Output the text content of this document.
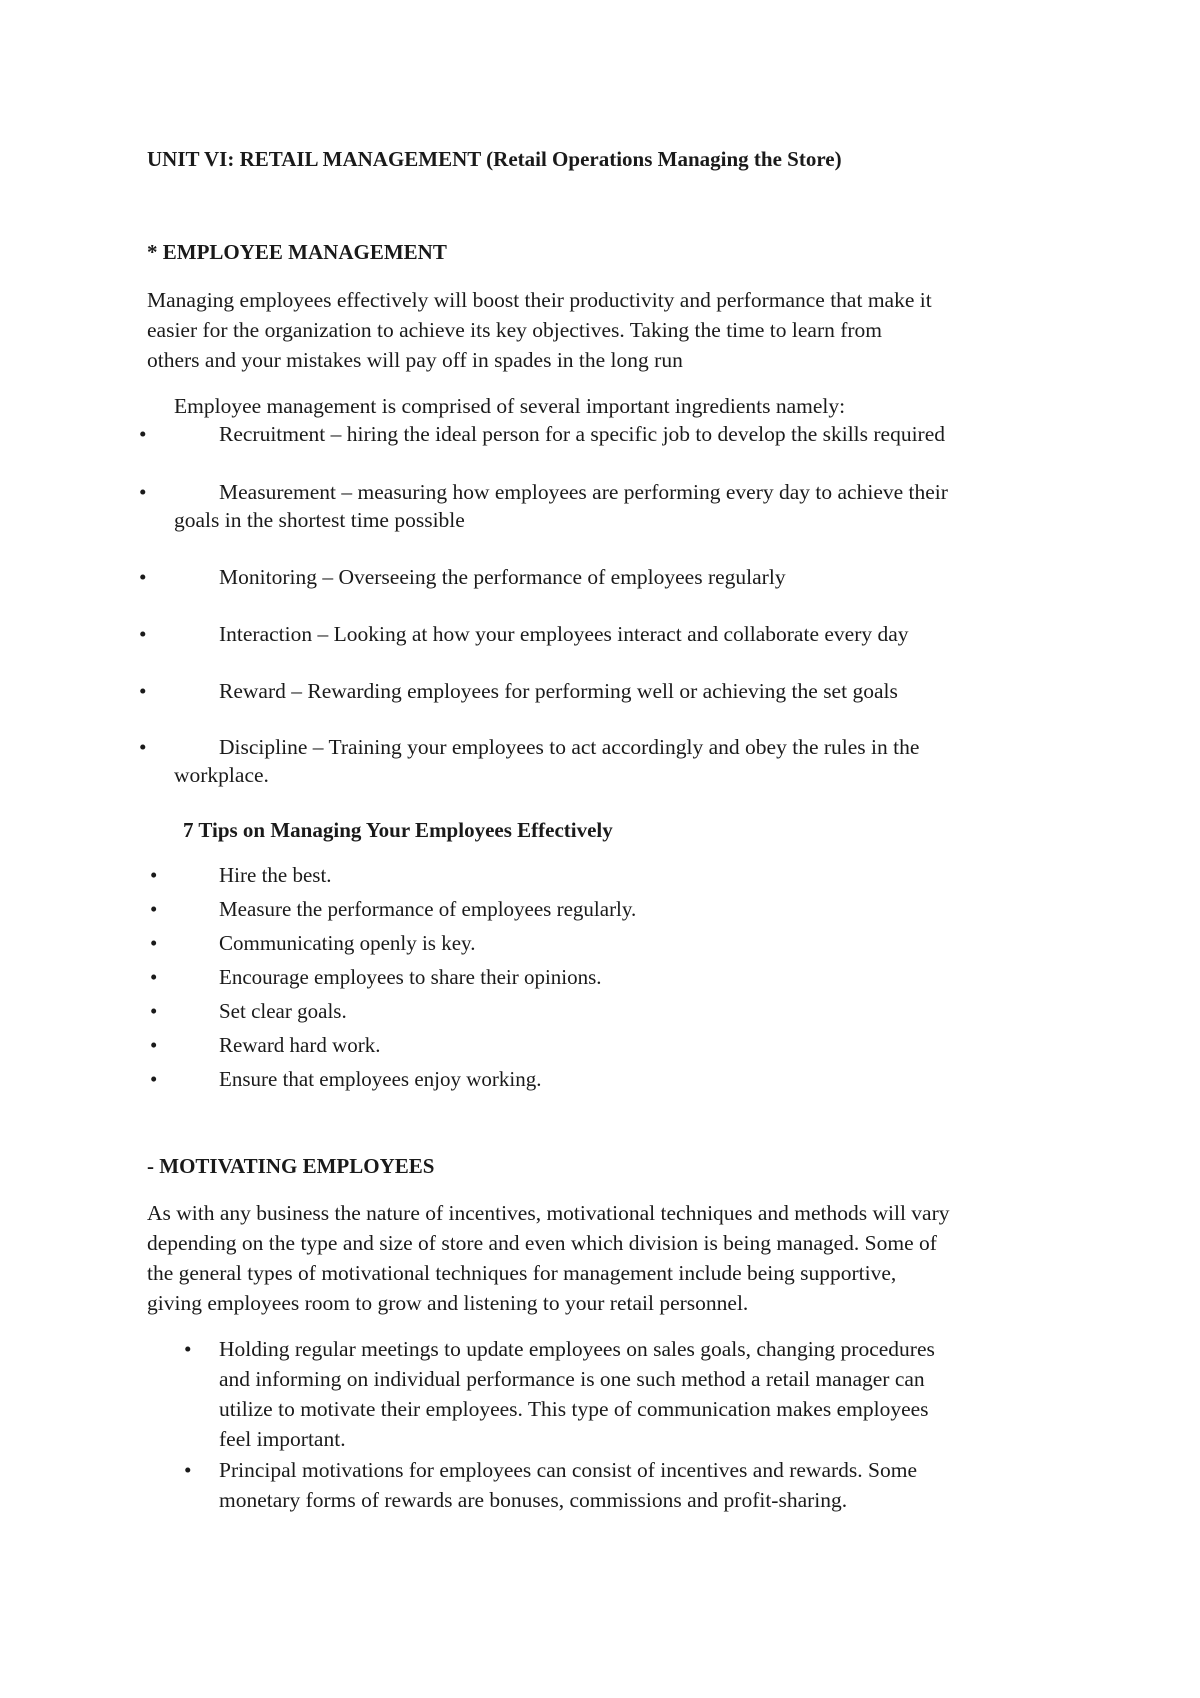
UNIT VI: RETAIL MANAGEMENT (Retail Operations Managing the Store)
* EMPLOYEE MANAGEMENT
Managing employees effectively will boost their productivity and performance that make it
easier for the organization to achieve its key objectives. Taking the time to learn from
others and your mistakes will pay off in spades in the long run
Employee management is comprised of several important ingredients namely:
•	Recruitment – hiring the ideal person for a specific job to develop the skills required
•	Measurement – measuring how employees are performing every day to achieve their
goals in the shortest time possible
•	Monitoring – Overseeing the performance of employees regularly
•	Interaction – Looking at how your employees interact and collaborate every day
•	Reward – Rewarding employees for performing well or achieving the set goals
•	Discipline – Training your employees to act accordingly and obey the rules in the
workplace.
7 Tips on Managing Your Employees Effectively
•	Hire the best.
•	Measure the performance of employees regularly.
•	Communicating openly is key.
•	Encourage employees to share their opinions.
•	Set clear goals.
•	Reward hard work.
•	Ensure that employees enjoy working.
- MOTIVATING EMPLOYEES
As with any business the nature of incentives, motivational techniques and methods will vary
depending on the type and size of store and even which division is being managed. Some of
the general types of motivational techniques for management include being supportive,
giving employees room to grow and listening to your retail personnel.
• Holding regular meetings to update employees on sales goals, changing procedures
and informing on individual performance is one such method a retail manager can
utilize to motivate their employees. This type of communication makes employees
feel important.
• Principal motivations for employees can consist of incentives and rewards. Some
monetary forms of rewards are bonuses, commissions and profit-sharing.
